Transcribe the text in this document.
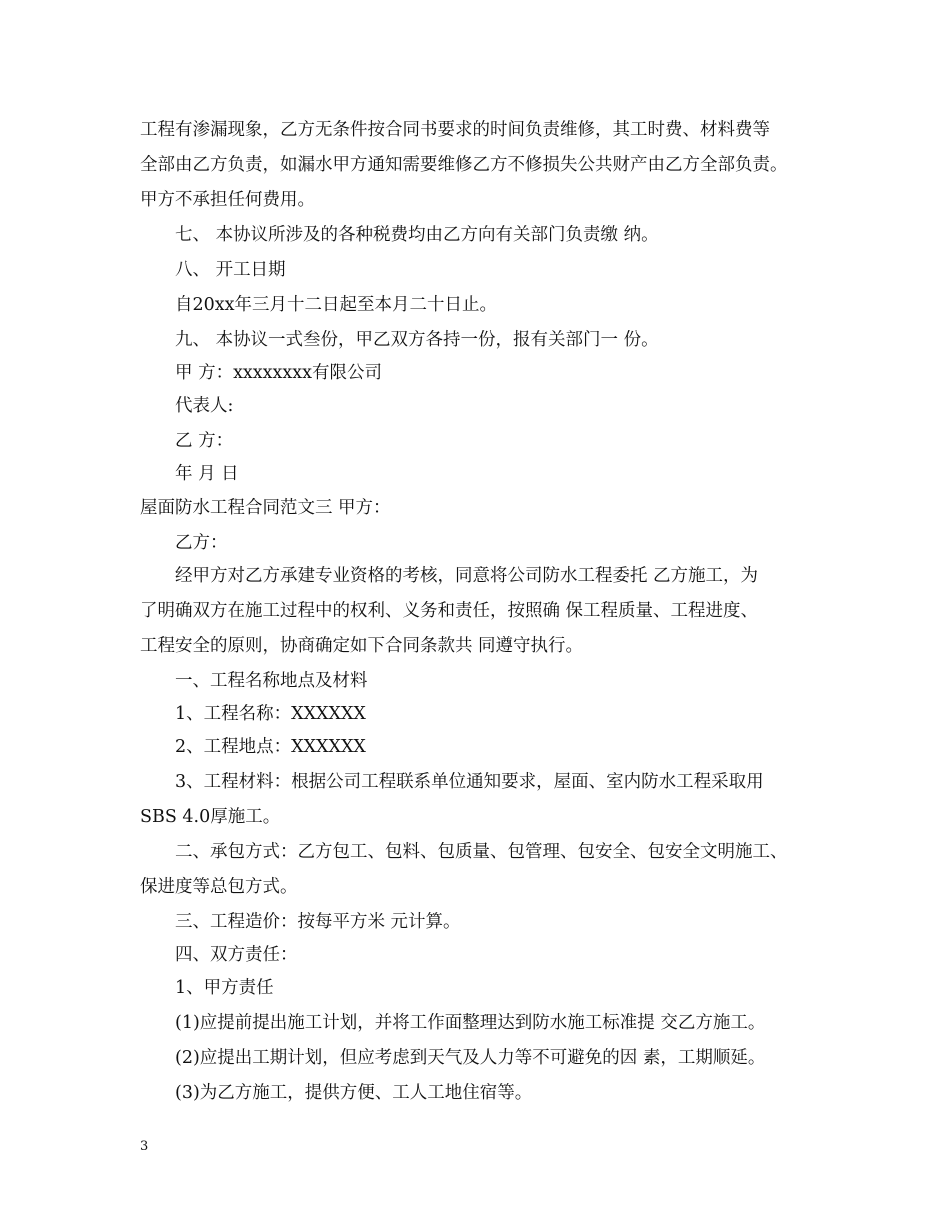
工程有渗漏现象，乙方无条件按合同书要求的时间负责维修，其工时费、材料费等
全部由乙方负责，如漏水甲方通知需要维修乙方不修损失公共财产由乙方全部负责。
甲方不承担任何费用。
七、 本协议所涉及的各种税费均由乙方向有关部门负责缴 纳。
八、 开工日期
自20xx年三月十二日起至本月二十日止。
九、 本协议一式叁份，甲乙双方各持一份，报有关部门一 份。
甲 方：xxxxxxxx有限公司
代表人:
乙 方：
年 月 日
屋面防水工程合同范文三 甲方：
乙方：
经甲方对乙方承建专业资格的考核，同意将公司防水工程委托 乙方施工，为
了明确双方在施工过程中的权利、义务和责任，按照确 保工程质量、工程进度、
工程安全的原则，协商确定如下合同条款共 同遵守执行。
一、工程名称地点及材料
1、工程名称：XXXXXX
2、工程地点：XXXXXX
3、工程材料：根据公司工程联系单位通知要求，屋面、室内防水工程采取用
SBS 4.0厚施工。
二、承包方式：乙方包工、包料、包质量、包管理、包安全、包安全文明施工、
保进度等总包方式。
三、工程造价：按每平方米 元计算。
四、双方责任：
1、甲方责任
(1)应提前提出施工计划，并将工作面整理达到防水施工标准提 交乙方施工。
(2)应提出工期计划，但应考虑到天气及人力等不可避免的因 素，工期顺延。
(3)为乙方施工，提供方便、工人工地住宿等。
3
